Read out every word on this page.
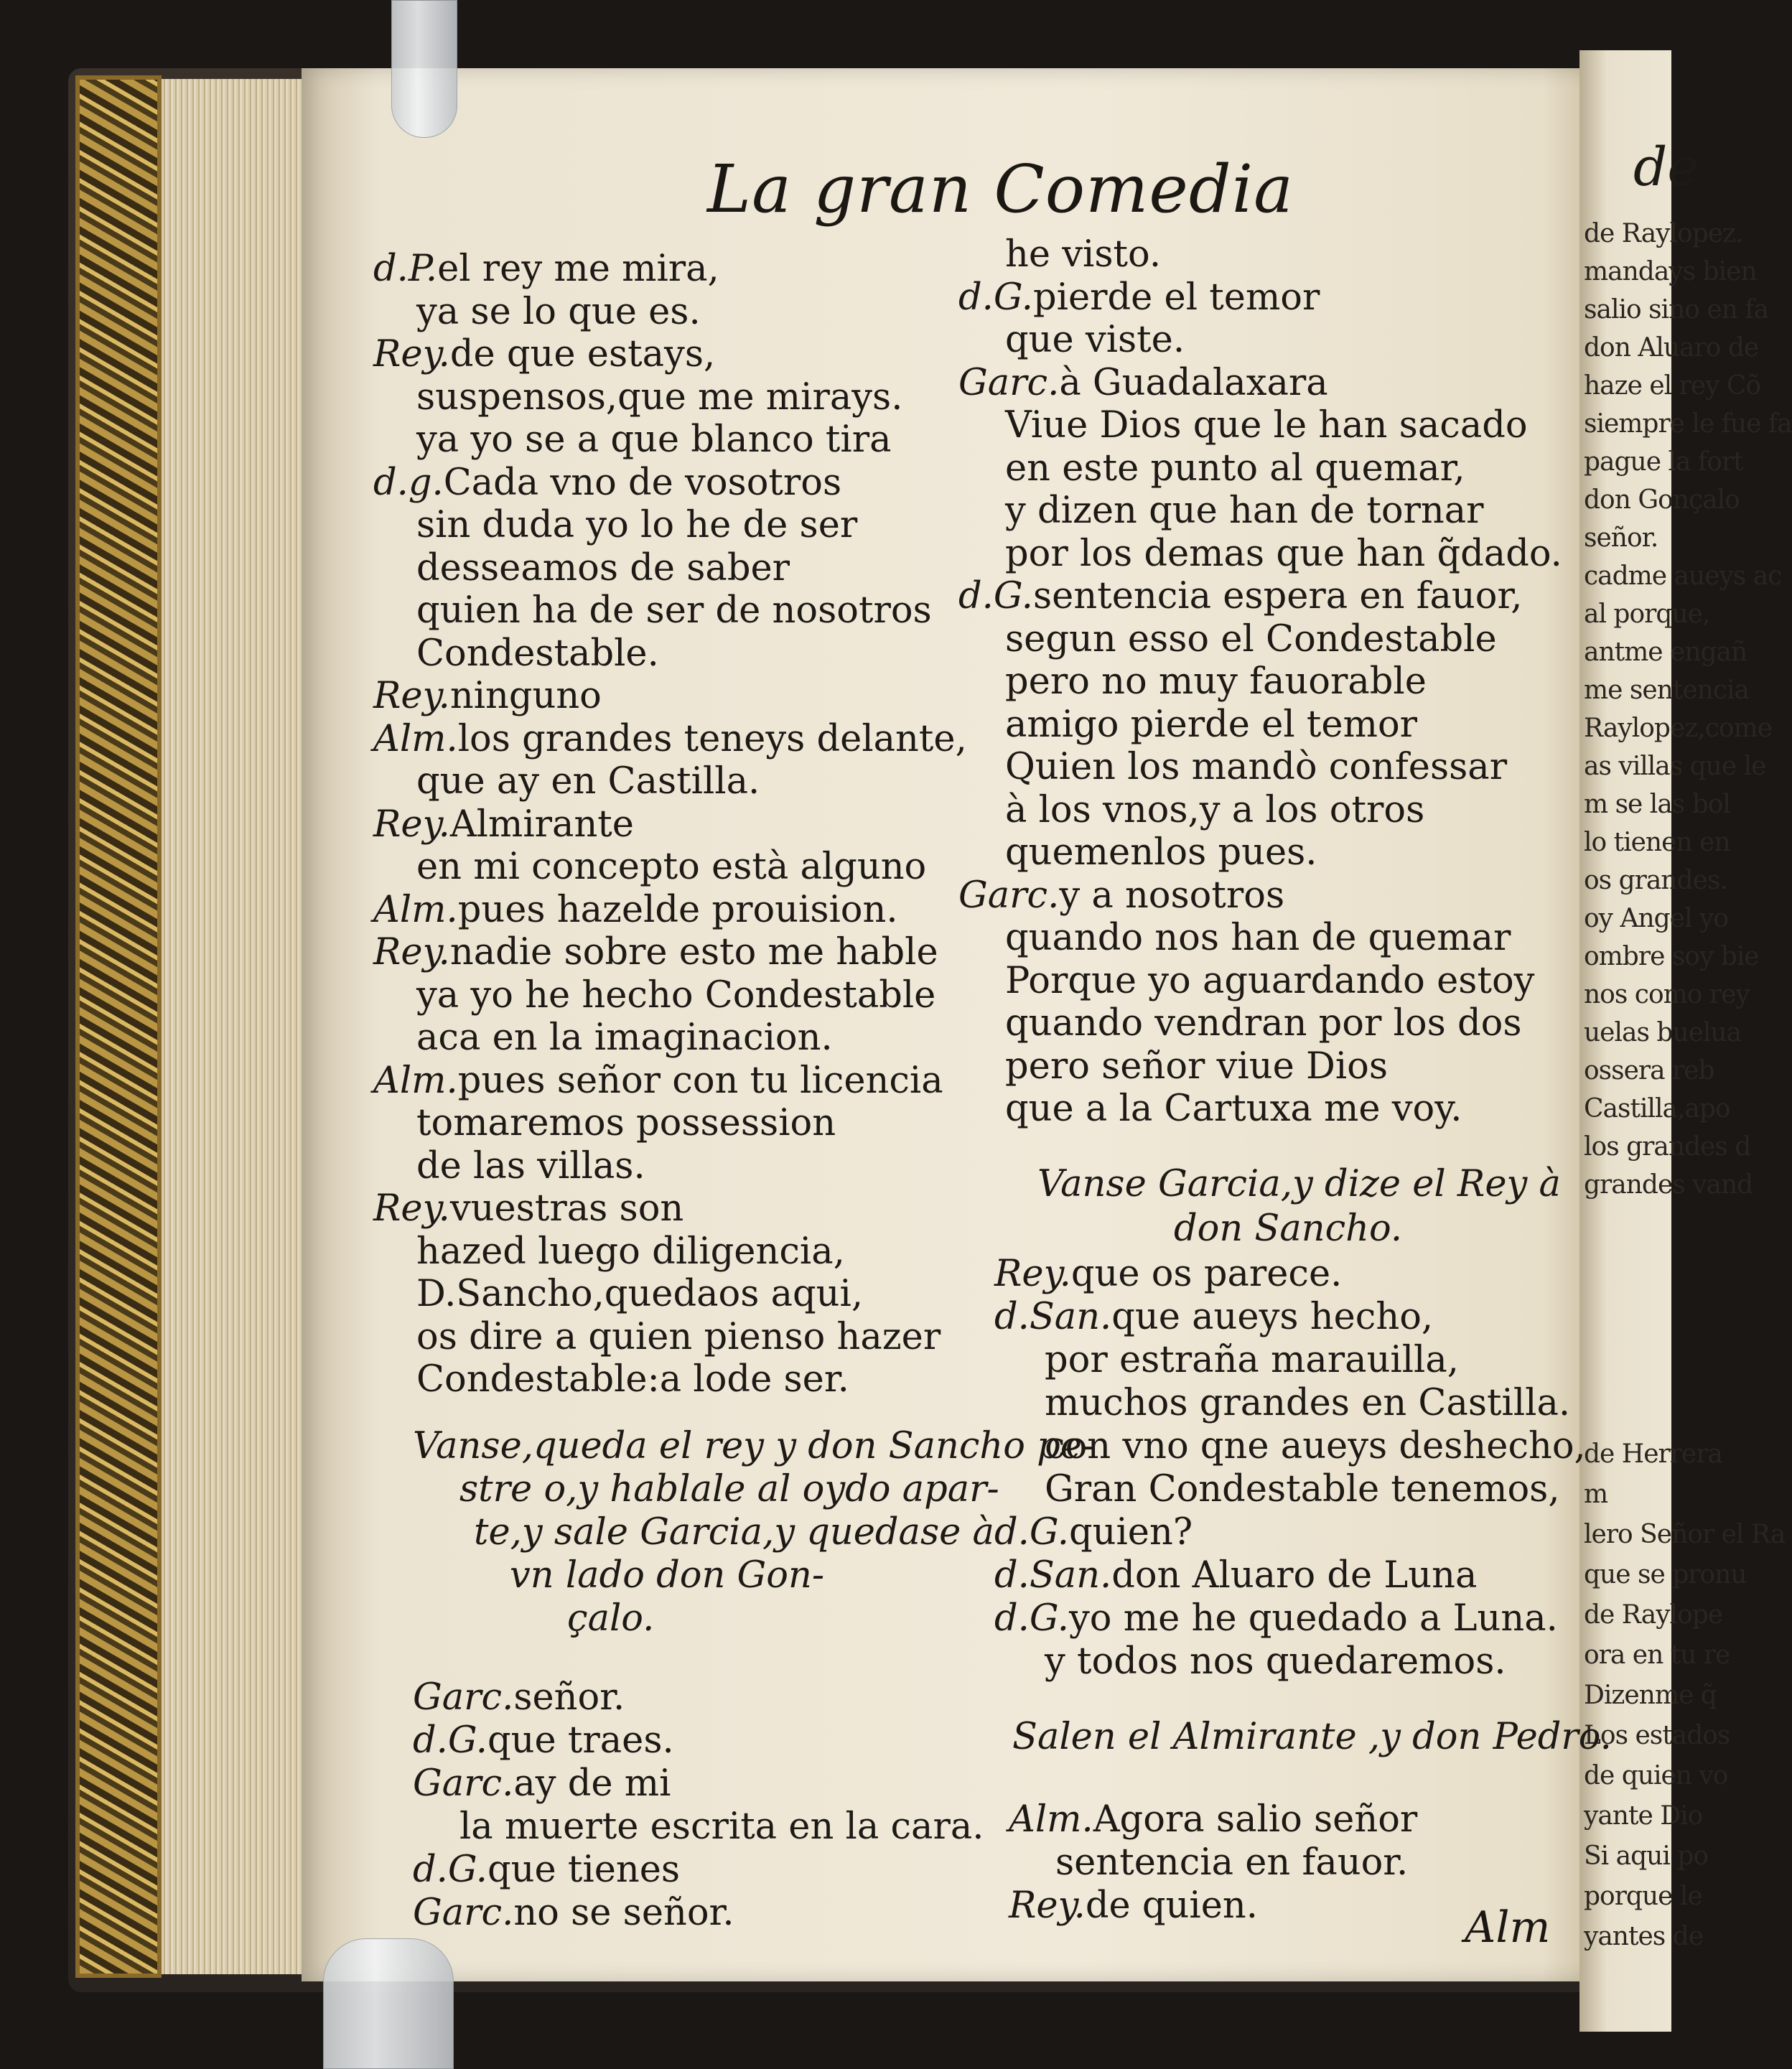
de
de Raylopez.
mandays bien
salio sino en fa
don Aluaro de
haze el rey Cõ
siempre le fue fa
pague la fort
don Gonçalo
señor.
cadme aueys ac
al porque,
antme engañ
me sentencia
Raylopez,come
as villas que le
m se las bol
lo tienen en
os grandes.
oy Angel yo
ombre soy bie
nos como rey
uelas buelua
ossera reb
Castilla,apo
los grandes d
grandes vand
de Herrera
m
lero Señor el Ra
que se pronu
de Raylope
ora en tu re
Dizenme q̃
Los estados
de quien vo
yante Dio
Si aqui po
porque le
yantes de
La gran Comedia
d.P.el rey me mira,
ya se lo que es.
Rey.de que estays,
suspensos,que me mirays.
ya yo se a que blanco tira
d.g.Cada vno de vosotros
sin duda yo lo he de ser
desseamos de saber
quien ha de ser de nosotros
Condestable.
Rey.ninguno
Alm.los grandes teneys delante,
que ay en Castilla.
Rey.Almirante
en mi concepto està alguno
Alm.pues hazelde prouision.
Rey.nadie sobre esto me hable
ya yo he hecho Condestable
aca en la imaginacion.
Alm.pues señor con tu licencia
tomaremos possession
de las villas.
Rey.vuestras son
hazed luego diligencia,
D.Sancho,quedaos aqui,
os dire a quien pienso hazer
Condestable:a lode ser.
Vanse,queda el rey y don Sancho pe-
stre o,y hablale al oydo apar-
te,y sale Garcia,y quedase à
vn lado don Gon-
çalo.
Garc.señor.
d.G.que traes.
Garc.ay de mi
la muerte escrita en la cara.
d.G.que tienes
Garc.no se señor.
he visto.
d.G.pierde el temor
que viste.
Garc.à Guadalaxara
Viue Dios que le han sacado
en este punto al quemar,
y dizen que han de tornar
por los demas que han q̃dado.
d.G.sentencia espera en fauor,
segun esso el Condestable
pero no muy fauorable
amigo pierde el temor
Quien los mandò confessar
à los vnos,y a los otros
quemenlos pues.
Garc.y a nosotros
quando nos han de quemar
Porque yo aguardando estoy
quando vendran por los dos
pero señor viue Dios
que a la Cartuxa me voy.
Vanse Garcia,y dize el Rey à
don Sancho.
Rey.que os parece.
d.San.que aueys hecho,
por estraña marauilla,
muchos grandes en Castilla.
con vno qne aueys deshecho,
Gran Condestable tenemos,
d.G.quien?
d.San.don Aluaro de Luna
d.G.yo me he quedado a Luna.
y todos nos quedaremos.
Salen el Almirante ,y don Pedro.
Alm.Agora salio señor
sentencia en fauor.
Rey.de quien.	Alm
